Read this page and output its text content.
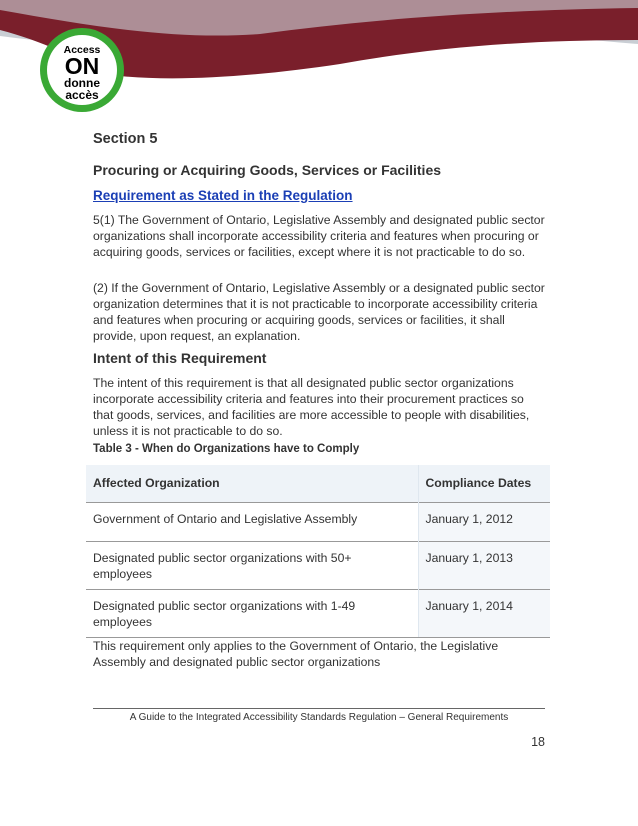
Access
ON
donne
accès
Section 5
Procuring or Acquiring Goods, Services or Facilities
Requirement as Stated in the Regulation

5(1) The Government of Ontario, Legislative Assembly and designated public sector organizations shall incorporate accessibility criteria and features when procuring or acquiring goods, services or facilities, except where it is not practicable to do so.

(2) If the Government of Ontario, Legislative Assembly or a designated public sector organization determines that it is not practicable to incorporate accessibility criteria and features when procuring or acquiring goods, services or facilities, it shall provide, upon request, an explanation.

Intent of this Requirement

The intent of this requirement is that all designated public sector organizations incorporate accessibility criteria and features into their procurement practices so that goods, services, and facilities are more accessible to people with disabilities, unless it is not practicable to do so.

Table 3 - When do Organizations have to Comply
Affected Organization	Compliance Dates
Government of Ontario and Legislative Assembly	January 1, 2012
Designated public sector organizations with 50+ employees	January 1, 2013
Designated public sector organizations with 1-49 employees	January 1, 2014

This requirement only applies to the Government of Ontario, the Legislative Assembly and designated public sector organizations

A Guide to the Integrated Accessibility Standards Regulation – General Requirements
18
